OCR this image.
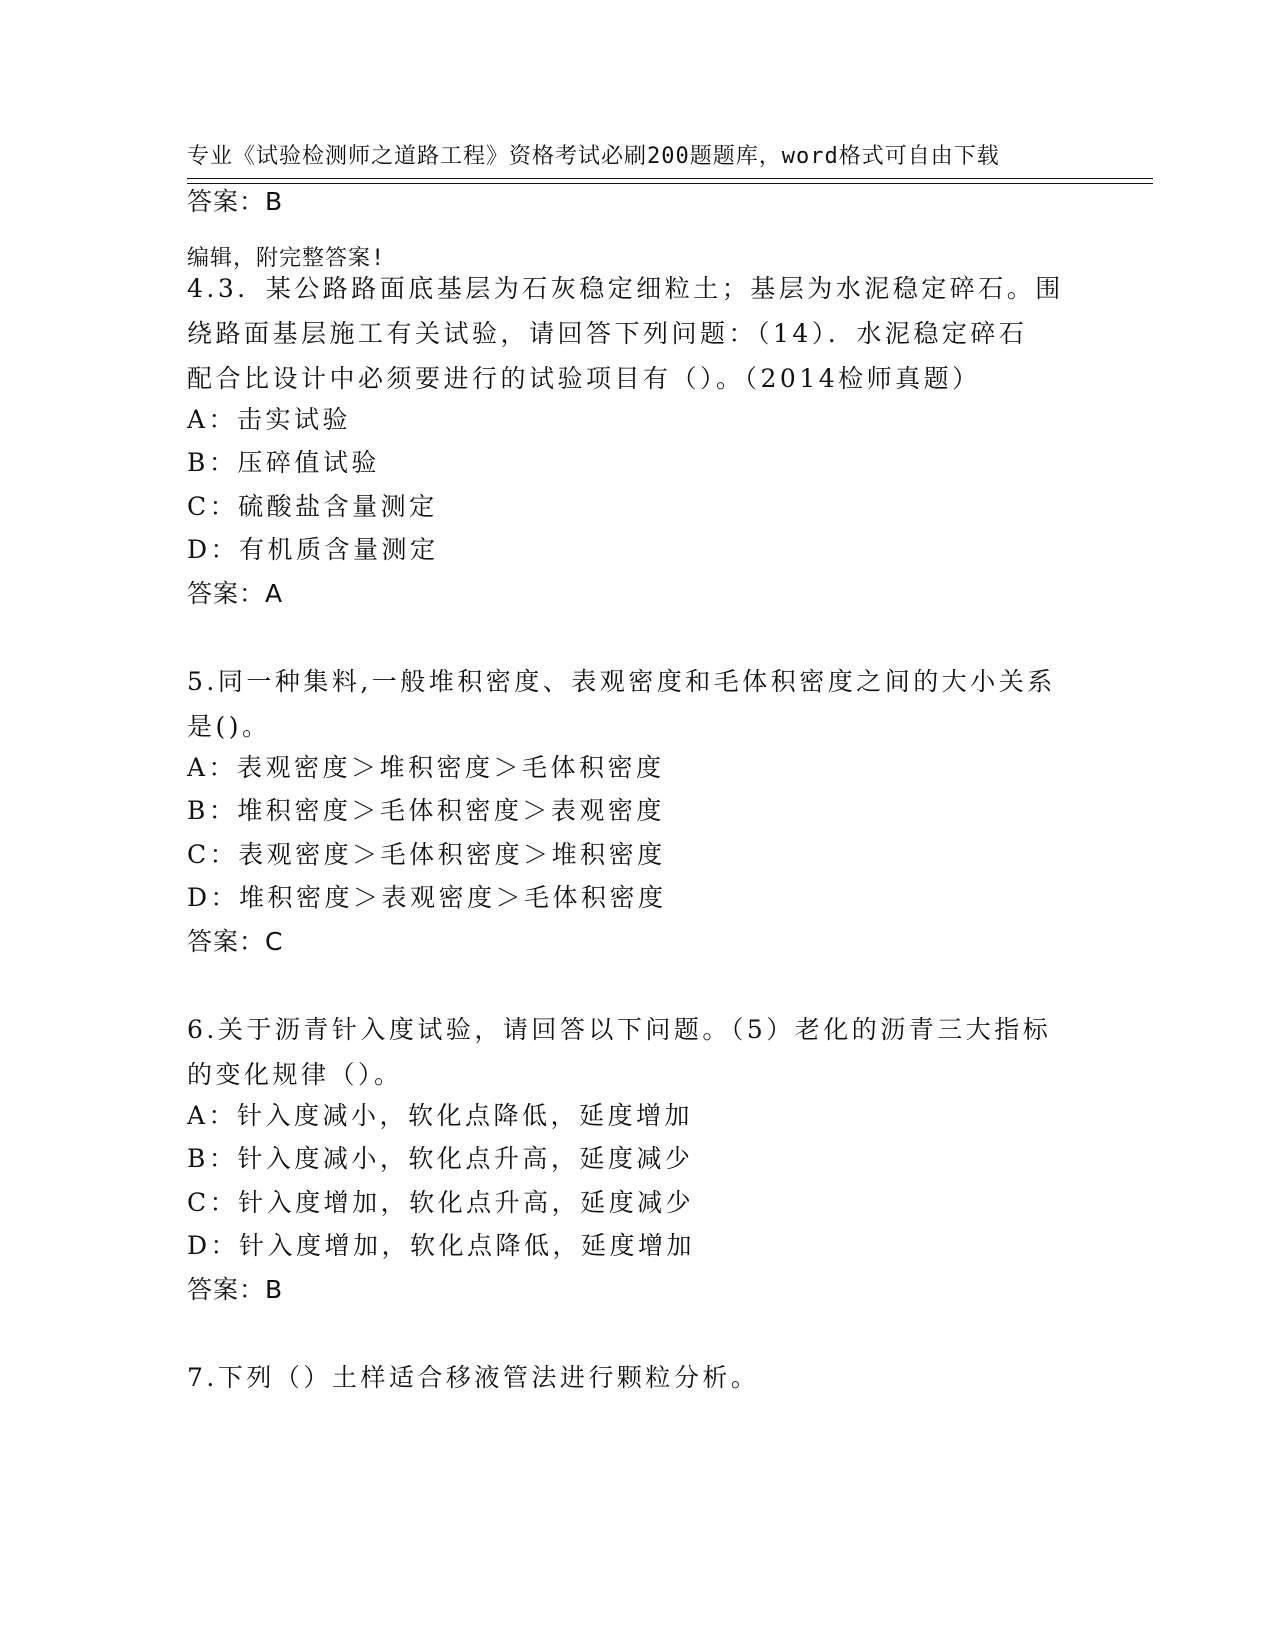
专业《试验检测师之道路工程》资格考试必刷200题题库，word格式可自由下载

编辑，附完整答案!

答案：B
4.3．某公路路面底基层为石灰稳定细粒土；基层为水泥稳定碎石。围
绕路面基层施工有关试验，请回答下列问题：（14）．水泥稳定碎石
配合比设计中必须要进行的试验项目有（）。（2014检师真题）
A：击实试验
B：压碎值试验
C：硫酸盐含量测定
D：有机质含量测定
答案：A
5.同一种集料,一般堆积密度、表观密度和毛体积密度之间的大小关系
是()。
A：表观密度＞堆积密度＞毛体积密度
B：堆积密度＞毛体积密度＞表观密度
C：表观密度＞毛体积密度＞堆积密度
D：堆积密度＞表观密度＞毛体积密度
答案：C
6.关于沥青针入度试验，请回答以下问题。（5）老化的沥青三大指标
的变化规律（）。
A：针入度减小，软化点降低，延度增加
B：针入度减小，软化点升高，延度减少
C：针入度增加，软化点升高，延度减少
D：针入度增加，软化点降低，延度增加
答案：B
7.下列（）土样适合移液管法进行颗粒分析。
